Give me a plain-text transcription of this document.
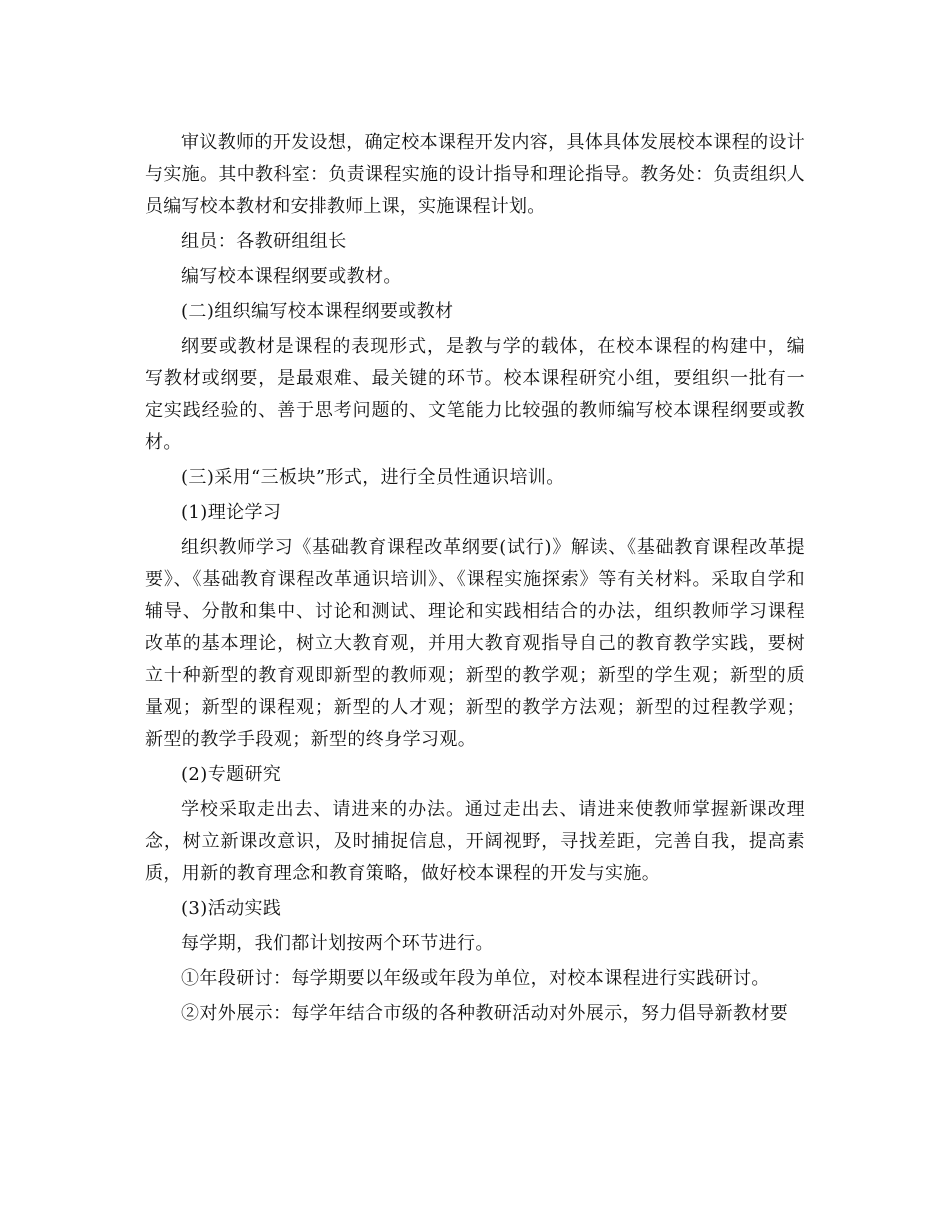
审议教师的开发设想，确定校本课程开发内容，具体具体发展校本课程的设计与实施。其中教科室：负责课程实施的设计指导和理论指导。教务处：负责组织人员编写校本教材和安排教师上课，实施课程计划。

组员：各教研组组长

编写校本课程纲要或教材。

(二)组织编写校本课程纲要或教材

纲要或教材是课程的表现形式，是教与学的载体，在校本课程的构建中，编写教材或纲要，是最艰难、最关键的环节。校本课程研究小组，要组织一批有一定实践经验的、善于思考问题的、文笔能力比较强的教师编写校本课程纲要或教材。

(三)采用“三板块”形式，进行全员性通识培训。

(1)理论学习

组织教师学习《基础教育课程改革纲要(试行)》解读、《基础教育课程改革提要》、《基础教育课程改革通识培训》、《课程实施探索》等有关材料。采取自学和辅导、分散和集中、讨论和测试、理论和实践相结合的办法，组织教师学习课程改革的基本理论，树立大教育观，并用大教育观指导自己的教育教学实践，要树立十种新型的教育观即新型的教师观；新型的教学观；新型的学生观；新型的质量观；新型的课程观；新型的人才观；新型的教学方法观；新型的过程教学观；新型的教学手段观；新型的终身学习观。

(2)专题研究

学校采取走出去、请进来的办法。通过走出去、请进来使教师掌握新课改理念，树立新课改意识，及时捕捉信息，开阔视野，寻找差距，完善自我，提高素质，用新的教育理念和教育策略，做好校本课程的开发与实施。

(3)活动实践

每学期，我们都计划按两个环节进行。

①年段研讨：每学期要以年级或年段为单位，对校本课程进行实践研讨。

②对外展示：每学年结合市级的各种教研活动对外展示，努力倡导新教材要
